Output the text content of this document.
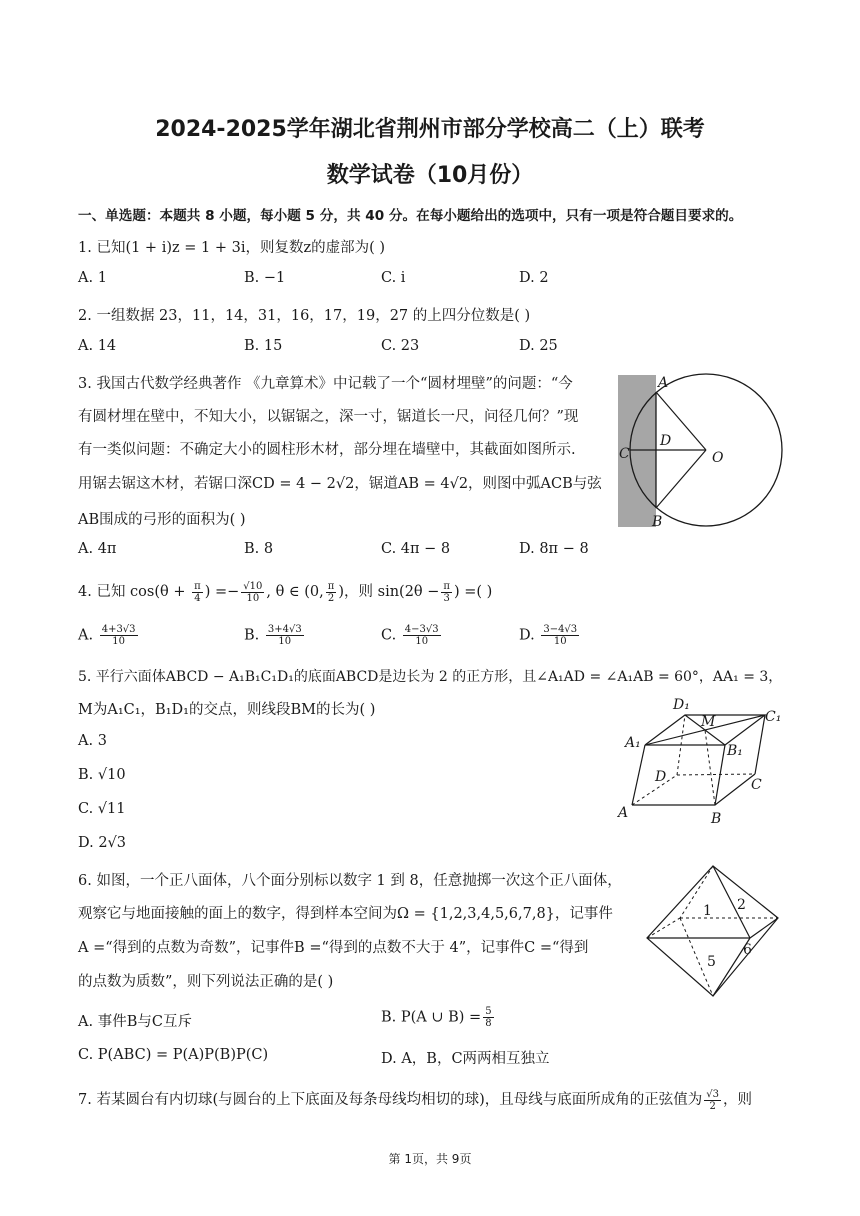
2024-2025学年湖北省荆州市部分学校高二（上）联考
数学试卷（10月份）
一、单选题：本题共 8 小题，每小题 5 分，共 40 分。在每小题给出的选项中，只有一项是符合题目要求的。
1. 已知(1 + i)z = 1 + 3i，则复数z的虚部为( )
A. 1	B. −1	C. i	D. 2
2. 一组数据 23，11，14，31，16，17，19，27 的上四分位数是( )
A. 14	B. 15	C. 23	D. 25
3. 我国古代数学经典著作 《九章算术》中记载了一个“圆材埋壁”的问题：“今
有圆材埋在壁中，不知大小，以锯锯之，深一寸，锯道长一尺，问径几何？”现
有一类似问题：不确定大小的圆柱形木材，部分埋在墙壁中，其截面如图所示.
用锯去锯这木材，若锯口深CD = 4 − 2√2，锯道AB = 4√2，则图中弧ACB与弦
AB围成的弓形的面积为( )
A. 4π	B. 8	C. 4π − 8	D. 8π − 8
A
B
C
D
O
4. 已知 $\cos(\theta + \frac{\pi}{4}$ ) =− $\frac{√10}{10}$ , θ ∈ (0, $\frac{\pi}{2}$ )，则 $\sin(2\theta - \frac{\pi}{3}$ ) =( )
A. $\frac{4+3√3}{10}$	B. $\frac{3+4√3}{10}$	C. $\frac{4-3√3}{10}$	D. $\frac{3-4√3}{10}$
5. 平行六面体ABCD − A₁B₁C₁D₁的底面ABCD是边长为 2 的正方形，且∠A₁AD = ∠A₁AB = 60°，AA₁ = 3，
M为A₁C₁，B₁D₁的交点，则线段BM的长为( )
A. 3
B. √10
C. √11
D. 2√3
D₁
M	C₁
A₁	B₁
D	C
A	B
6. 如图，一个正八面体，八个面分别标以数字 1 到 8，任意抛掷一次这个正八面体，
观察它与地面接触的面上的数字，得到样本空间为Ω = {1,2,3,4,5,6,7,8}，记事件
A =“得到的点数为奇数”，记事件B =“得到的点数不大于 4”，记事件C =“得到
的点数为质数”，则下列说法正确的是( )
A. 事件B与C互斥	B. P(A ∪ $B) = \frac{5}{8}$
C. P(ABC) = P(A)P(B)P(C)	D. A，B，C两两相互独立
1 2
5
6
7. 若某圆台有内切球(与圆台的上下底面及每条母线均相切的球)，且母线与底面所成角的正弦值为 $\frac{√3}{2}$ ，则
第 1页，共 9页
